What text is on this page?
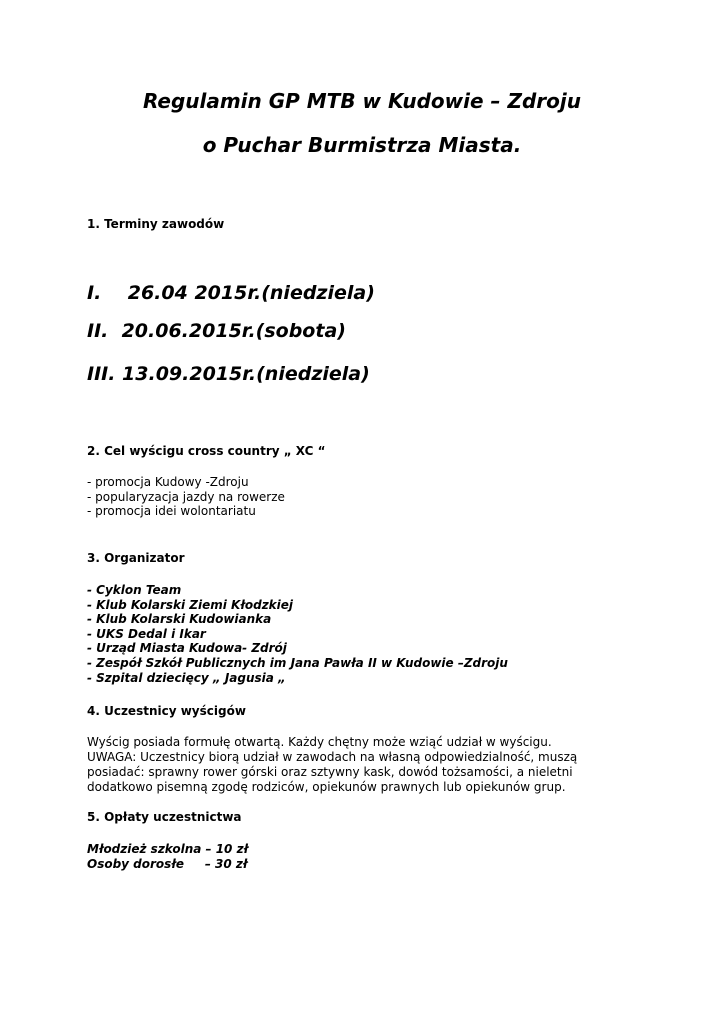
Regulamin GP MTB w Kudowie – Zdroju
o Puchar Burmistrza Miasta.
1. Terminy zawodów
I.    26.04 2015r.(niedziela)
II.  20.06.2015r.(sobota)
III. 13.09.2015r.(niedziela)
2. Cel wyścigu cross country „ XC “
- promocja Kudowy -Zdroju
- popularyzacja jazdy na rowerze
- promocja idei wolontariatu
3. Organizator
- Cyklon Team
- Klub Kolarski Ziemi Kłodzkiej
- Klub Kolarski Kudowianka
- UKS Dedal i Ikar
- Urząd Miasta Kudowa- Zdrój
- Zespół Szkół Publicznych im Jana Pawła II w Kudowie –Zdroju
- Szpital dziecięcy „ Jagusia „
4. Uczestnicy wyścigów
Wyścig posiada formułę otwartą. Każdy chętny może wziąć udział w wyścigu.
UWAGA: Uczestnicy biorą udział w zawodach na własną odpowiedzialność, muszą
posiadać: sprawny rower górski oraz sztywny kask, dowód tożsamości, a nieletni
dodatkowo pisemną zgodę rodziców, opiekunów prawnych lub opiekunów grup.
5. Opłaty uczestnictwa
Młodzież szkolna – 10 zł
Osoby dorosłe     – 30 zł
